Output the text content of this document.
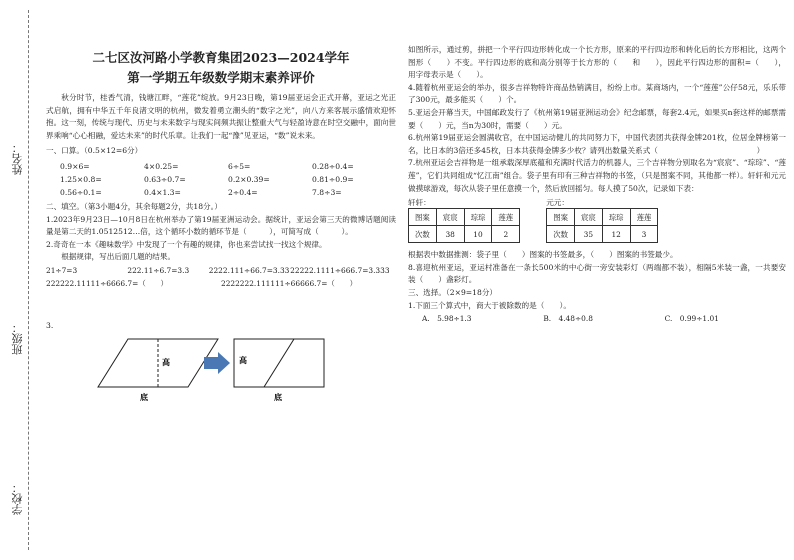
姓名：
班级：
学校：
二七区汝河路小学教育集团2023—2024学年
第一学期五年级数学期末素养评价

秋分时节，桂香气清，钱塘江畔，“莲花”绽放。9月23日晚，第19届亚运会正式开幕，亚运之光正式启航，拥有中华五千年良渚文明的杭州，微发着勇立潮头的“数字之光”，向八方来客展示盛情欢迎怀抱。这一刻，传统与现代、历史与未来数字与现实间频共振让整重大气与轻盈诗意在时空交融中，面向世界乘响“心心相融，爱达未来”的时代乐章。让我们一起“豫”见亚运，“数”说未来。

一、口算。（0.5×12=6分）

0.9×6=	4×0.25=	6÷5=	0.28÷0.4=
1.25×0.8=	0.63÷0.7=	0.2×0.39=	0.81÷0.9=
0.56÷0.1=	0.4×1.3=	2÷0.4=	7.8÷3=

二、填空。（第3小题4分，其余每题2分，共18分。）

1.2023年9月23日—10月8日在杭州举办了第19届亚洲运动会。据统计，亚运会第三天的微博话题阅读量是第二天的1.0512512…倍，这个循环小数的循环节是（　　　），可简写成（　　　）。

2.奇奇在一本《趣味数学》中发现了一个有趣的规律，你也来尝试找一找这个规律。

根据规律，写出后面几题的结果。

21÷7=3	222.11÷6.7=3.3	2222.111÷66.7=3.33 22222.1111÷666.7=3.333
222222.11111÷6666.7=（　　）	2222222.111111÷66666.7=（　　）

3.

高
底
高
底

如图所示，通过剪，拼把一个平行四边形转化成一个长方形，原来的平行四边形和转化后的长方形相比，这两个图形（　　）不变。平行四边形的底和高分别等于长方形的（　　和　　），因此平行四边形的面积=（　　），用字母表示是（　　）。

4.随着杭州亚运会的举办，很多吉祥物特许商品热销满目，纷纷上市。某商场内，一个“莲莲”公仔58元，乐乐带了300元，最多能买（　　）个。

5.亚运会开幕当天，中国邮政发行了《杭州第19届亚洲运动会》纪念邮票，每套2.4元，如果买n套这样的邮票需要（　　）元，当n为30时，需要（　　）元。

6.杭州第19届亚运会圆满收官，在中国运动健儿的共同努力下，中国代表团共获得金牌201枚，位居金牌榜第一名，比日本的3倍还多45枚，日本共获得金牌多少枚？请列出数量关系式（　　　　　　　　　　　　　）

7.杭州亚运会吉祥物是一组承载深厚底蕴和充满时代活力的机器人，三个吉祥物分别取名为“宸宸”、“琮琮”、“莲莲”，它们共同组成“忆江南”组合。袋子里有印有三种吉祥物的书签，（只是图案不同，其他都一样）。轩轩和元元做摸球游戏，每次从袋子里任意摸一个，然后放回摇匀。每人摸了50次，记录如下表：

轩轩：
图案	宸宸	琮琮	莲莲
次数	38	10	2
元元：
图案	宸宸	琮琮	莲莲
次数	35	12	3

根据表中数据推测：袋子里（　　）图案的书签最多，（　　）图案的书签最少。

8.喜迎杭州亚运，亚运村准备在一条长500米的中心街一旁安装彩灯（两端都不装），相隔5米装一盏，一共要安装（　　）盏彩灯。

三、选择。（2×9=18分）

1.下面三个算式中，商大于被除数的是（　　）。

A.　5.98÷1.3	B.　4.48÷0.8	C.　0.99÷1.01
